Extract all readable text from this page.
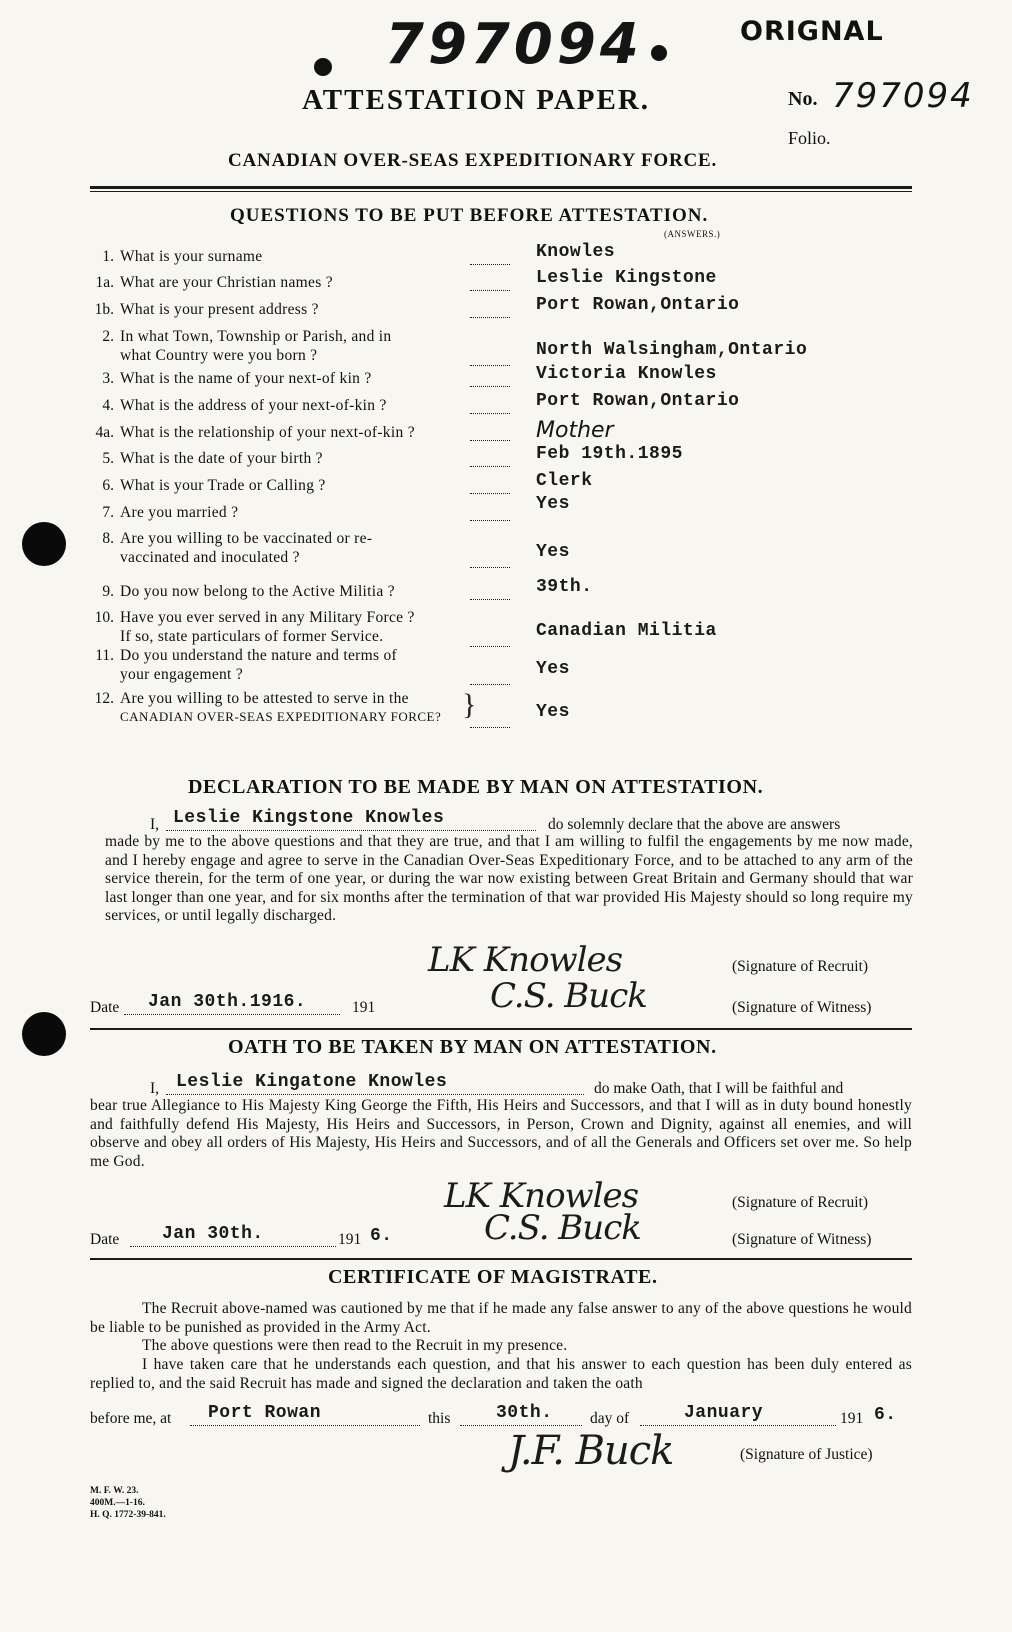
797094	ORIGNAL
ATTESTATION PAPER.	No. 797094
Folio.
CANADIAN OVER-SEAS EXPEDITIONARY FORCE.
QUESTIONS TO BE PUT BEFORE ATTESTATION.
(ANSWERS.)
1. What is your surname	Knowles
1a. What are your Christian names ?	Leslie Kingstone
1b. What is your present address ?	Port Rowan,Ontario
2. In what Town, Township or Parish, and in
what Country were you born ?	North Walsingham,Ontario
3. What is the name of your next-of kin ?	Victoria Knowles
4. What is the address of your next-of-kin ?	Port Rowan,Ontario
4a. What is the relationship of your next-of-kin ?	Mother
5. What is the date of your birth ?	Feb 19th.1895
6. What is your Trade or Calling ?	Clerk
7. Are you married ?	Yes
8. Are you willing to be vaccinated or re-
vaccinated and inoculated ?	Yes
9. Do you now belong to the Active Militia ?	39th.
10. Have you ever served in any Military Force ?
If so, state particulars of former Service.	Canadian Militia
11. Do you understand the nature and terms of
your engagement ?	Yes
12. Are you willing to be attested to serve in the
CANADIAN OVER-SEAS EXPEDITIONARY FORCE?	Yes
}
DECLARATION TO BE MADE BY MAN ON ATTESTATION.
I, Leslie Kingstone Knowles	do solemnly declare that the above are answers
made by me to the above questions and that they are true, and that I am willing to fulfil the engagements by me now made, and I hereby engage and agree to serve in the Canadian Over-Seas Expeditionary Force, and to be attached to any arm of the service therein, for the term of one year, or during the war now existing between Great Britain and Germany should that war last longer than one year, and for six months after the termination of that war provided His Majesty should so long require my services, or until legally discharged.
LK Knowles	(Signature of Recruit)
Date Jan 30th.1916.	191	C.S. Buck	(Signature of Witness)
OATH TO BE TAKEN BY MAN ON ATTESTATION.
I, Leslie Kingatone Knowles	do make Oath, that I will be faithful and
bear true Allegiance to His Majesty King George the Fifth, His Heirs and Successors, and that I will as in duty bound honestly and faithfully defend His Majesty, His Heirs and Successors, in Person, Crown and Dignity, against all enemies, and will observe and obey all orders of His Majesty, His Heirs and Successors, and of all the Generals and Officers set over me. So help me God.
LK Knowles	(Signature of Recruit)
Date Jan 30th.	191 6.	C.S. Buck	(Signature of Witness)
CERTIFICATE OF MAGISTRATE.
The Recruit above-named was cautioned by me that if he made any false answer to any of the above questions he would be liable to be punished as provided in the Army Act.
The above questions were then read to the Recruit in my presence.
I have taken care that he understands each question, and that his answer to each question has been duly entered as replied to, and the said Recruit has made and signed the declaration and taken the oath
before me, at Port Rowan	this	30th. day of	January	191 6.
J.F. Buck	(Signature of Justice)
M. F. W. 23.
400M.—1-16.
H. Q. 1772-39-841.
